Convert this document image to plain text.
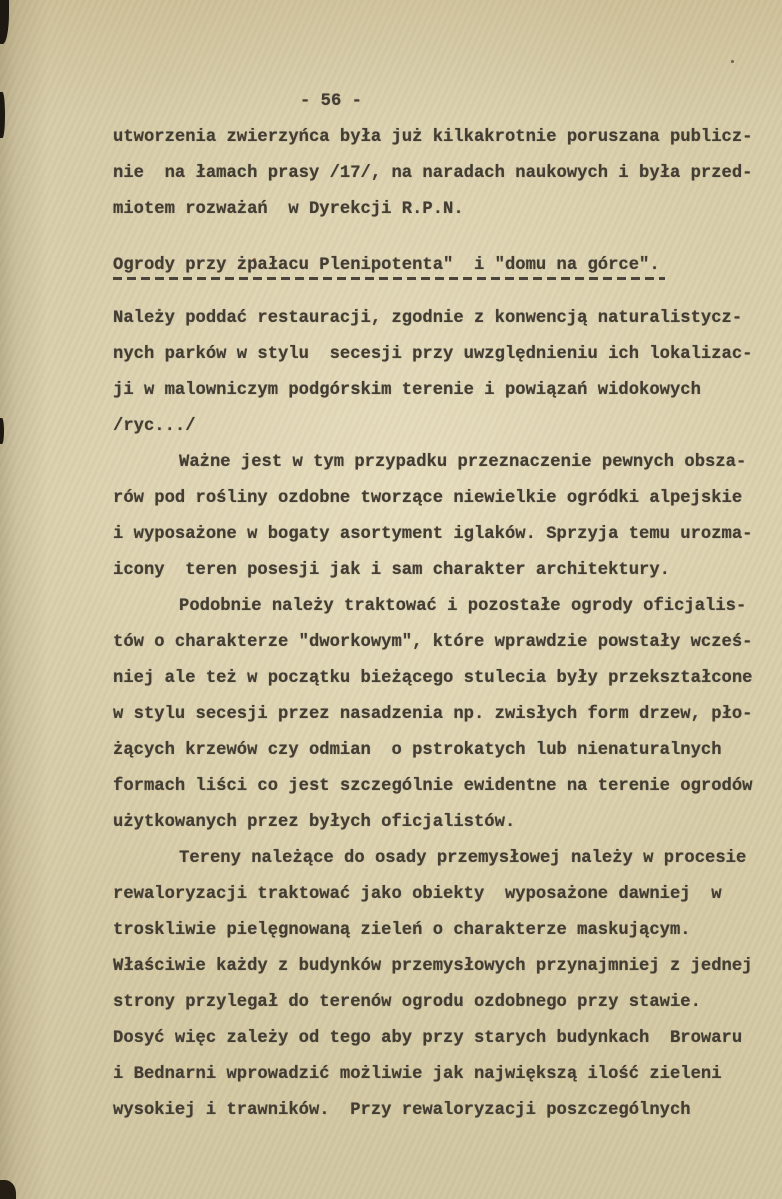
- 56 -
utworzenia zwierzyńca była już kilkakrotnie poruszana publicz-
nie  na łamach prasy /17/, na naradach naukowych i była przed-
miotem rozważań  w Dyrekcji R.P.N.
Ogrody przy żpałacu Plenipotenta"  i "domu na górce".
Należy poddać restauracji, zgodnie z konwencją naturalistycz-
nych parków w stylu  secesji przy uwzględnieniu ich lokalizac-
ji w malowniczym podgórskim terenie i powiązań widokowych
/ryc.../
Ważne jest w tym przypadku przeznaczenie pewnych obsza-
rów pod rośliny ozdobne tworzące niewielkie ogródki alpejskie
i wyposażone w bogaty asortyment iglaków. Sprzyja temu urozma-
icony  teren posesji jak i sam charakter architektury.
Podobnie należy traktować i pozostałe ogrody oficjalis-
tów o charakterze "dworkowym", które wprawdzie powstały wcześ-
niej ale też w początku bieżącego stulecia były przekształcone
w stylu secesji przez nasadzenia np. zwisłych form drzew, pło-
żących krzewów czy odmian  o pstrokatych lub nienaturalnych
formach liści co jest szczególnie ewidentne na terenie ogrodów
użytkowanych przez byłych oficjalistów.
Tereny należące do osady przemysłowej należy w procesie
rewaloryzacji traktować jako obiekty  wyposażone dawniej  w
troskliwie pielęgnowaną zieleń o charakterze maskującym.
Właściwie każdy z budynków przemysłowych przynajmniej z jednej
strony przylegał do terenów ogrodu ozdobnego przy stawie.
Dosyć więc zależy od tego aby przy starych budynkach  Browaru
i Bednarni wprowadzić możliwie jak największą ilość zieleni
wysokiej i trawników.  Przy rewaloryzacji poszczególnych
